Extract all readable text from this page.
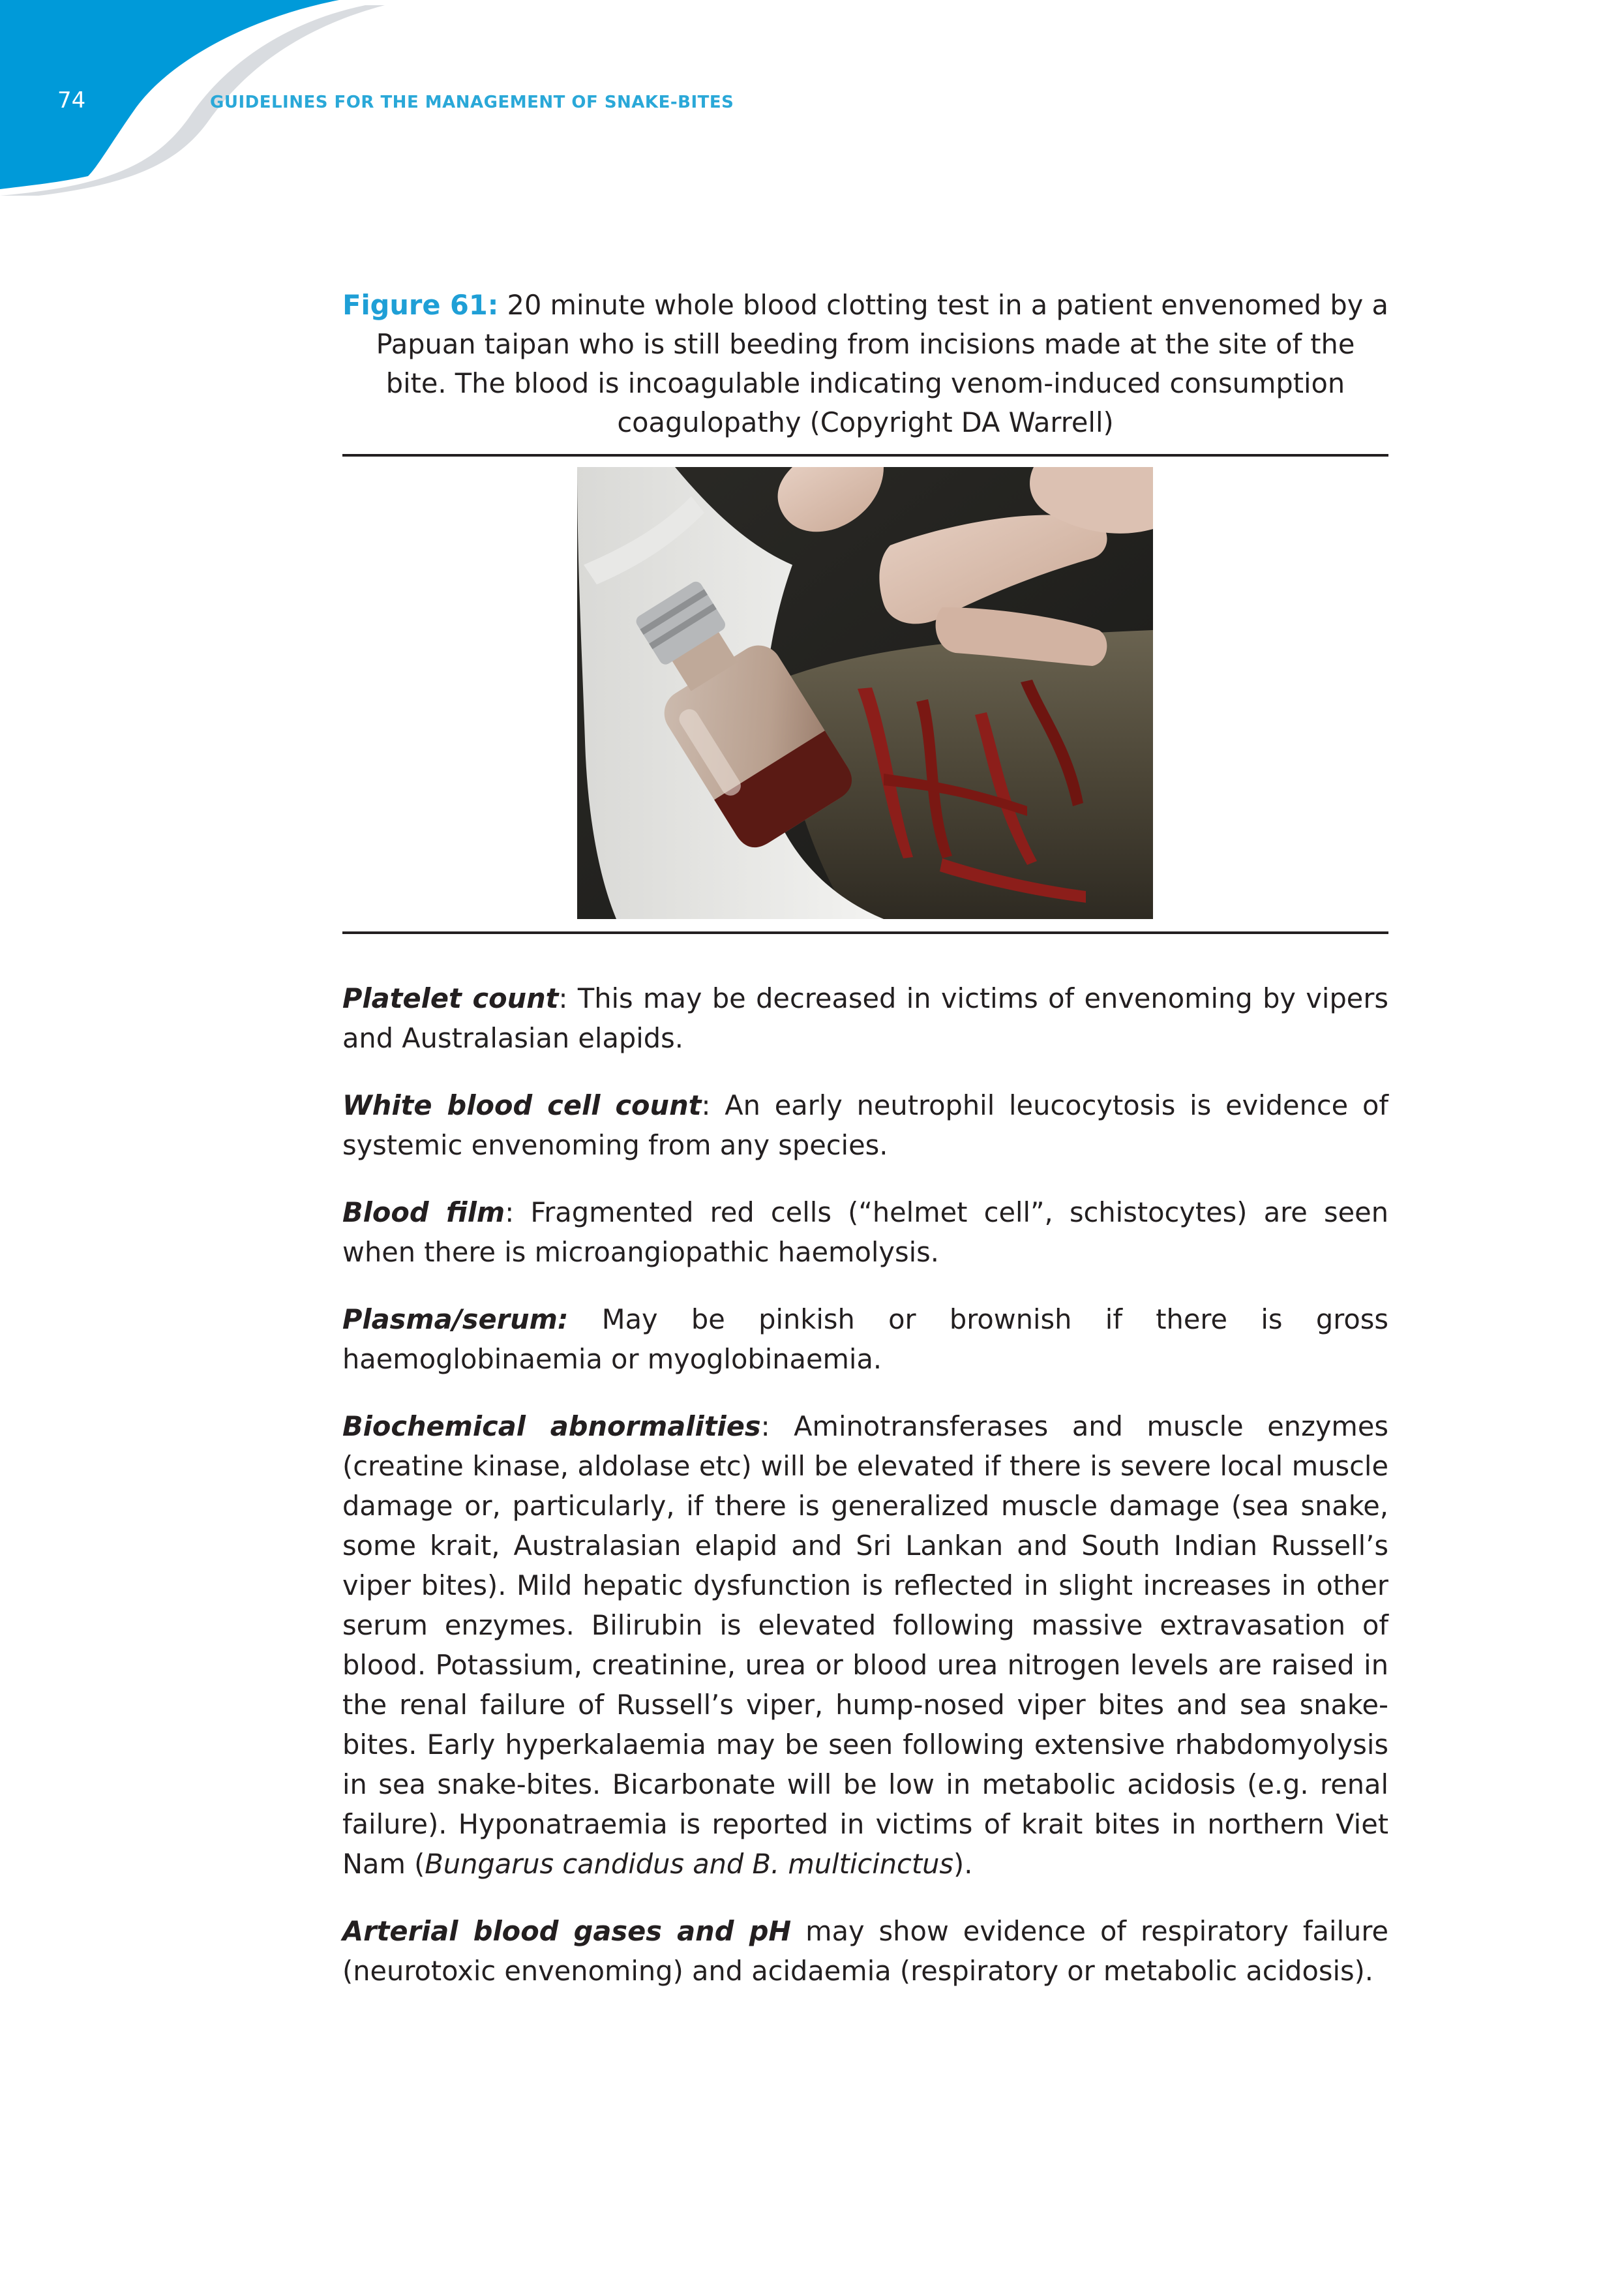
74	GUIDELINES FOR THE MANAGEMENT OF SNAKE-BITES
Figure 61: 20 minute whole blood clotting test in a patient envenomed by a Papuan taipan who is still beeding from incisions made at the site of the bite. The blood is incoagulable indicating venom-induced consumption coagulopathy (Copyright DA Warrell)

Platelet count: This may be decreased in victims of envenoming by vipers and Australasian elapids.

White blood cell count: An early neutrophil leucocytosis is evidence of systemic envenoming from any species.

Blood film: Fragmented red cells (“helmet cell”, schistocytes) are seen when there is microangiopathic haemolysis.

Plasma/serum: May be pinkish or brownish if there is gross haemoglobinaemia or myoglobinaemia.

Biochemical abnormalities: Aminotransferases and muscle enzymes (creatine kinase, aldolase etc) will be elevated if there is severe local muscle damage or, particularly, if there is generalized muscle damage (sea snake, some krait, Australasian elapid and Sri Lankan and South Indian Russell’s viper bites). Mild hepatic dysfunction is reflected in slight increases in other serum enzymes. Bilirubin is elevated following massive extravasation of blood. Potassium, creatinine, urea or blood urea nitrogen levels are raised in the renal failure of Russell’s viper, hump-nosed viper bites and sea snake-bites. Early hyperkalaemia may be seen following extensive rhabdomyolysis in sea snake-bites. Bicarbonate will be low in metabolic acidosis (e.g. renal failure). Hyponatraemia is reported in victims of krait bites in northern Viet Nam (Bungarus candidus and B. multicinctus).

Arterial blood gases and pH may show evidence of respiratory failure (neurotoxic envenoming) and acidaemia (respiratory or metabolic acidosis).
